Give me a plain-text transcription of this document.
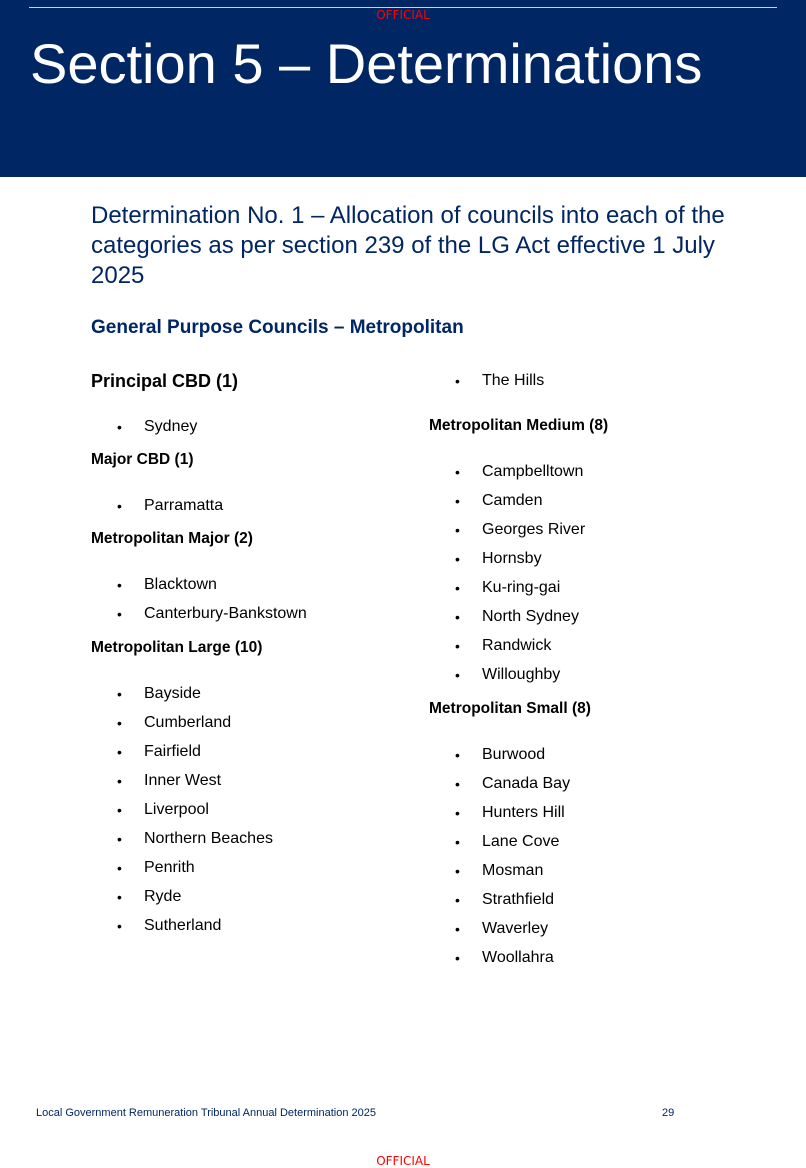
Section 5 – Determinations
OFFICIAL
Determination No. 1 – Allocation of councils into each of the categories as per section 239 of the LG Act effective 1 July 2025
General Purpose Councils – Metropolitan

Principal CBD (1)

• Sydney

Major CBD (1)

• Parramatta

Metropolitan Major (2)

• Blacktown
• Canterbury-Bankstown

Metropolitan Large (10)

• Bayside
• Cumberland
• Fairfield
• Inner West
• Liverpool
• Northern Beaches
• Penrith
• Ryde
• Sutherland
• The Hills

Metropolitan Medium (8)

• Campbelltown
• Camden
• Georges River
• Hornsby
• Ku-ring-gai
• North Sydney
• Randwick
• Willoughby

Metropolitan Small (8)

• Burwood
• Canada Bay
• Hunters Hill
• Lane Cove
• Mosman
• Strathfield
• Waverley
• Woollahra
Local Government Remuneration Tribunal Annual Determination 2025	29
OFFICIAL
